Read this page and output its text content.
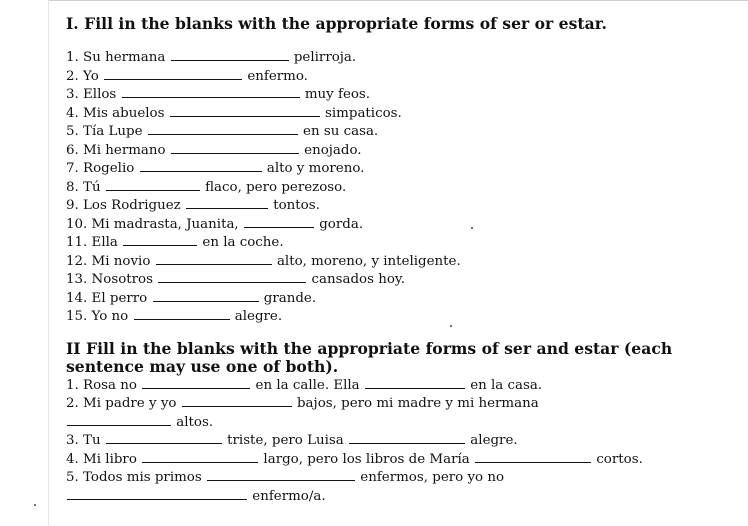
I. Fill in the blanks with the appropriate forms of ser or estar.
1. Su hermana	pelirroja.
2. Yo	enfermo.
3. Ellos	muy feos.
4. Mis abuelos	simpaticos.
5. Tía Lupe	en su casa.
6. Mi hermano	enojado.
7. Rogelio	alto y moreno.
8. Tú	flaco, pero perezoso.
9. Los Rodriguez	tontos.
10. Mi madrasta, Juanita,	gorda.
11. Ella	en la coche.
12. Mi novio	alto, moreno, y inteligente.
13. Nosotros	cansados hoy.
14. El perro	grande.
15. Yo no	alegre.
II Fill in the blanks with the appropriate forms of ser and estar (each
sentence may use one of both).
1. Rosa no	en la calle. Ella	en la casa.
2. Mi padre y yo	bajos, pero mi madre y mi hermana
altos.
3. Tu	triste, pero Luisa	alegre.
4. Mi libro	largo, pero los libros de María	cortos.
5. Todos mis primos	enfermos, pero yo no
enfermo/a.
